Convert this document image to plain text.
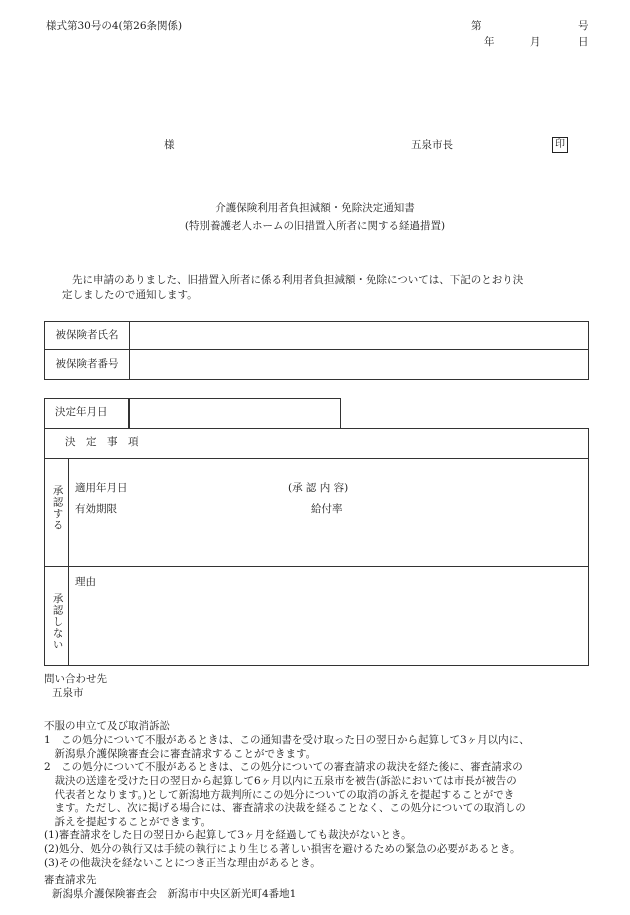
様式第30号の4(第26条関係)	第	号
年	月	日
様	五泉市長	印
介護保険利用者負担減額・免除決定通知書
(特別養護老人ホームの旧措置入所者に関する経過措置)
先に申請のありました、旧措置入所者に係る利用者負担減額・免除については、下記のとおり決
定しましたので通知します。
被保険者氏名	
被保険者番号	
決定年月日
決　定　事　項
承認する 適用年月日	(承 認 内 容)
有効期限	給付率
承認しない
理由
問い合わせ先
五泉市
不服の申立て及び取消訴訟
1　この処分について不服があるときは、この通知書を受け取った日の翌日から起算して3ヶ月以内に、
　新潟県介護保険審査会に審査請求することができます。
2　この処分について不服があるときは、この処分についての審査請求の裁決を経た後に、審査請求の
　裁決の送達を受けた日の翌日から起算して6ヶ月以内に五泉市を被告(訴訟においては市長が被告の
　代表者となります。)として新潟地方裁判所にこの処分についての取消の訴えを提起することができ
　ます。ただし、次に掲げる場合には、審査請求の決裁を経ることなく、この処分についての取消しの
　訴えを提起することができます。
(1)審査請求をした日の翌日から起算して3ヶ月を経過しても裁決がないとき。
(2)処分、処分の執行又は手続の執行により生じる著しい損害を避けるための緊急の必要があるとき。
(3)その他裁決を経ないことにつき正当な理由があるとき。
審査請求先
新潟県介護保険審査会　新潟市中央区新光町4番地1
